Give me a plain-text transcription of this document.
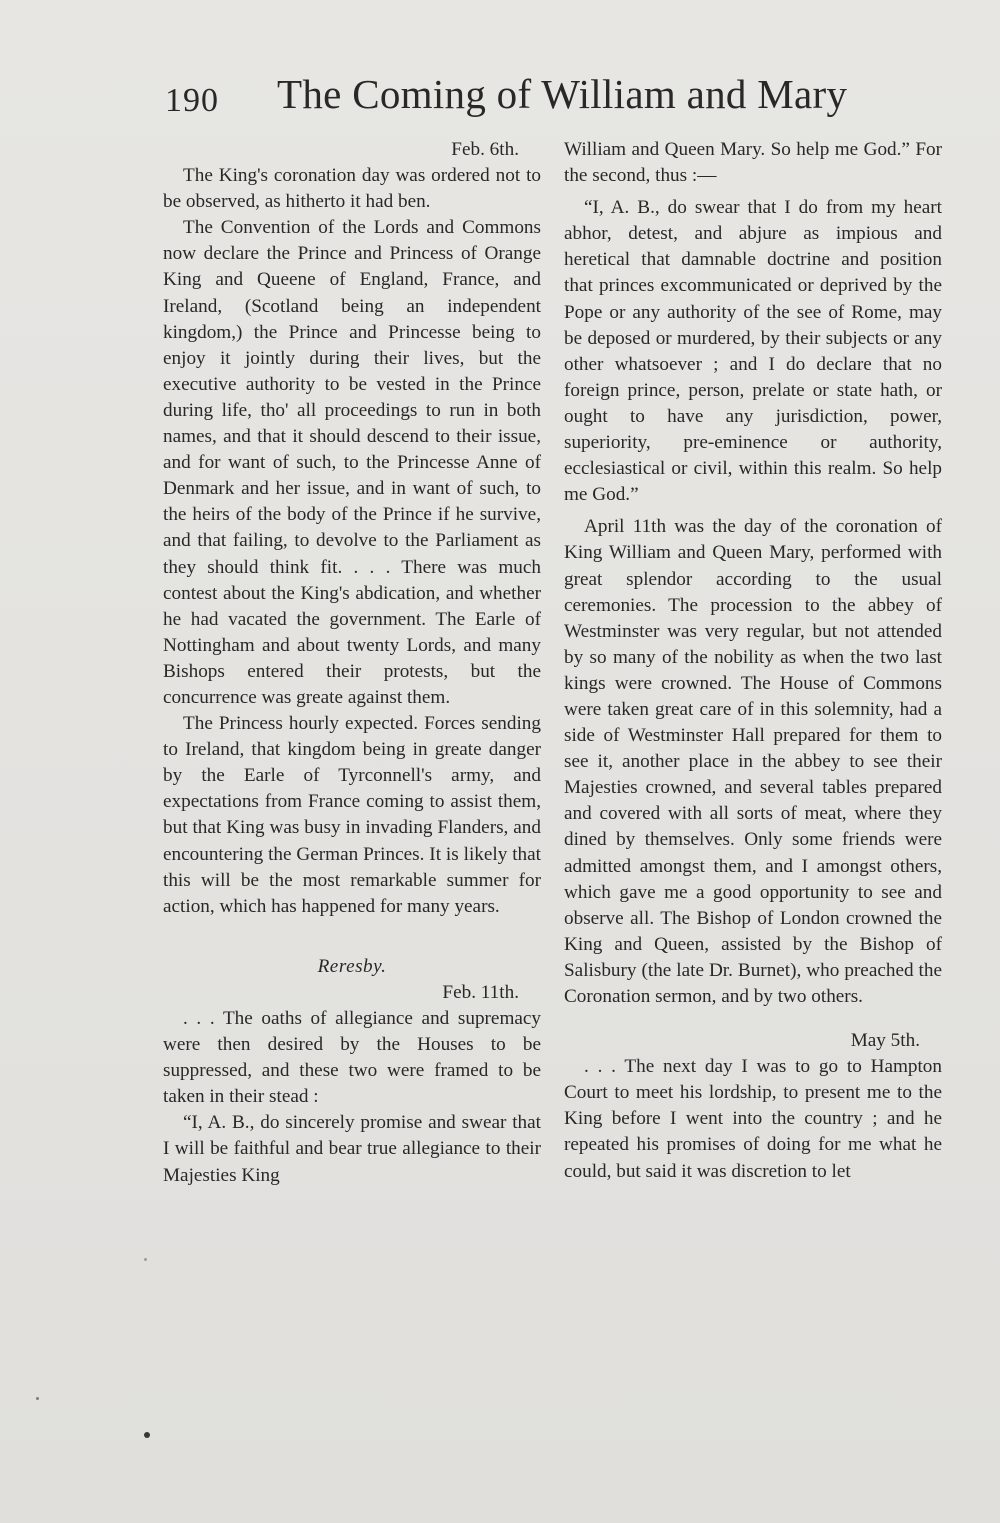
190 The Coming of William and Mary
Feb. 6th.

The King's coronation day was ordered not to be observed, as hitherto it had ben.

The Convention of the Lords and Commons now declare the Prince and Princess of Orange King and Queene of England, France, and Ireland, (Scotland being an independent kingdom,) the Prince and Princesse being to enjoy it jointly during their lives, but the executive authority to be vested in the Prince during life, tho' all proceedings to run in both names, and that it should descend to their issue, and for want of such, to the Princesse Anne of Denmark and her issue, and in want of such, to the heirs of the body of the Prince if he survive, and that failing, to devolve to the Parliament as they should think fit. . . . There was much contest about the King's abdication, and whether he had vacated the government. The Earle of Nottingham and about twenty Lords, and many Bishops entered their protests, but the concurrence was greate against them.

The Princess hourly expected. Forces sending to Ireland, that kingdom being in greate danger by the Earle of Tyrconnell's army, and expectations from France coming to assist them, but that King was busy in invading Flanders, and encountering the German Princes. It is likely that this will be the most remarkable summer for action, which has happened for many years.

Reresby.
Feb. 11th.

. . . The oaths of allegiance and supremacy were then desired by the Houses to be suppressed, and these two were framed to be taken in their stead :

“I, A. B., do sincerely promise and swear that I will be faithful and bear true allegiance to their Majesties King

William and Queen Mary. So help me God.” For the second, thus :—

“I, A. B., do swear that I do from my heart abhor, detest, and abjure as impious and heretical that damnable doctrine and position that princes excommunicated or deprived by the Pope or any authority of the see of Rome, may be deposed or murdered, by their subjects or any other whatsoever ; and I do declare that no foreign prince, person, prelate or state hath, or ought to have any jurisdiction, power, superiority, pre-eminence or authority, ecclesiastical or civil, within this realm. So help me God.”

April 11th was the day of the coronation of King William and Queen Mary, performed with great splendor according to the usual ceremonies. The procession to the abbey of Westminster was very regular, but not attended by so many of the nobility as when the two last kings were crowned. The House of Commons were taken great care of in this solemnity, had a side of Westminster Hall prepared for them to see it, another place in the abbey to see their Majesties crowned, and several tables prepared and covered with all sorts of meat, where they dined by themselves. Only some friends were admitted amongst them, and I amongst others, which gave me a good opportunity to see and observe all. The Bishop of London crowned the King and Queen, assisted by the Bishop of Salisbury (the late Dr. Burnet), who preached the Coronation sermon, and by two others.

May 5th.

. . . The next day I was to go to Hampton Court to meet his lordship, to present me to the King before I went into the country ; and he repeated his promises of doing for me what he could, but said it was discretion to let
